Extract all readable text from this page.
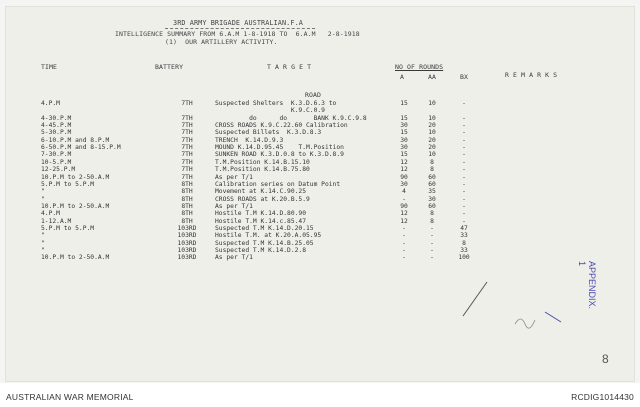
3RD ARMY BRIGADE AUSTRALIAN.F.A
INTELLIGENCE SUMMARY FROM 6.A.M 1-8-1918 TO  6.A.M   2-8-1918
(1)  OUR ARTILLERY ACTIVITY.
TIME	BATTERY	T A R G E T	NO OF ROUNDS
A	AA	BX	R E M A R K S
ROAD
4.P.M	7TH	Suspected Shelters  K.3.D.6.3 to	15	10	-
K.9.C.0.9
4-30.P.M	7TH	do      do       BANK K.9.C.9.8	15	10	-
4-45.P.M	7TH	CROSS ROADS K.9.C.22.60 Calibration	30	20	-
5-30.P.M	7TH	Suspected Billets  K.3.D.8.3	15	10	-
6-10.P.M and 8.P.M	7TH	TRENCH  K.14.D.9.3	30	20	-
6-50.P.M and 8-15.P.M	7TH	MOUND K.14.D.95.45    T.M.Position	30	20	-
7-30.P.M	7TH	SUNKEN ROAD K.3.D.0.8 to K.3.D.8.9	15	10	-
10-5.P.M	7TH	T.M.Position K.14.B.15.10	12	8	-
12-25.P.M	7TH	T.M.Position K.14.B.75.80	12	8	-
10.P.M to 2-50.A.M	7TH	As per T/1	90	60	-
5.P.M to 5.P.M	8TH	Calibration series on Datum Point	30	60	-
"	8TH	Movement at K.14.C.90.25	4	35	-
"	8TH	CROSS ROADS at K.20.B.5.9	-	30	-
10.P.M to 2-50.A.M	8TH	As per T/1	90	60	-
4.P.M	8TH	Hostile T.M K.14.D.80.90	12	8	-
1-12.A.M	8TH	Hostile T.M K.14.c.85.47	12	8	-
5.P.M to 5.P.M	103RD	Suspected T.M K.14.D.20.15	-	-	47
"	103RD	Hostile T.M. at K.20.A.05.95	-	-	33
"	103RD	Suspected T.M K.14.B.25.05	-	-	8
"	103RD	Suspected T.M K.14.D.2.8	-	-	33
10.P.M to 2-50.A.M	103RD	As per T/1	-	-	100
APPENDIX. 1
8
AUSTRALIAN WAR MEMORIAL	RCDIG1014430
